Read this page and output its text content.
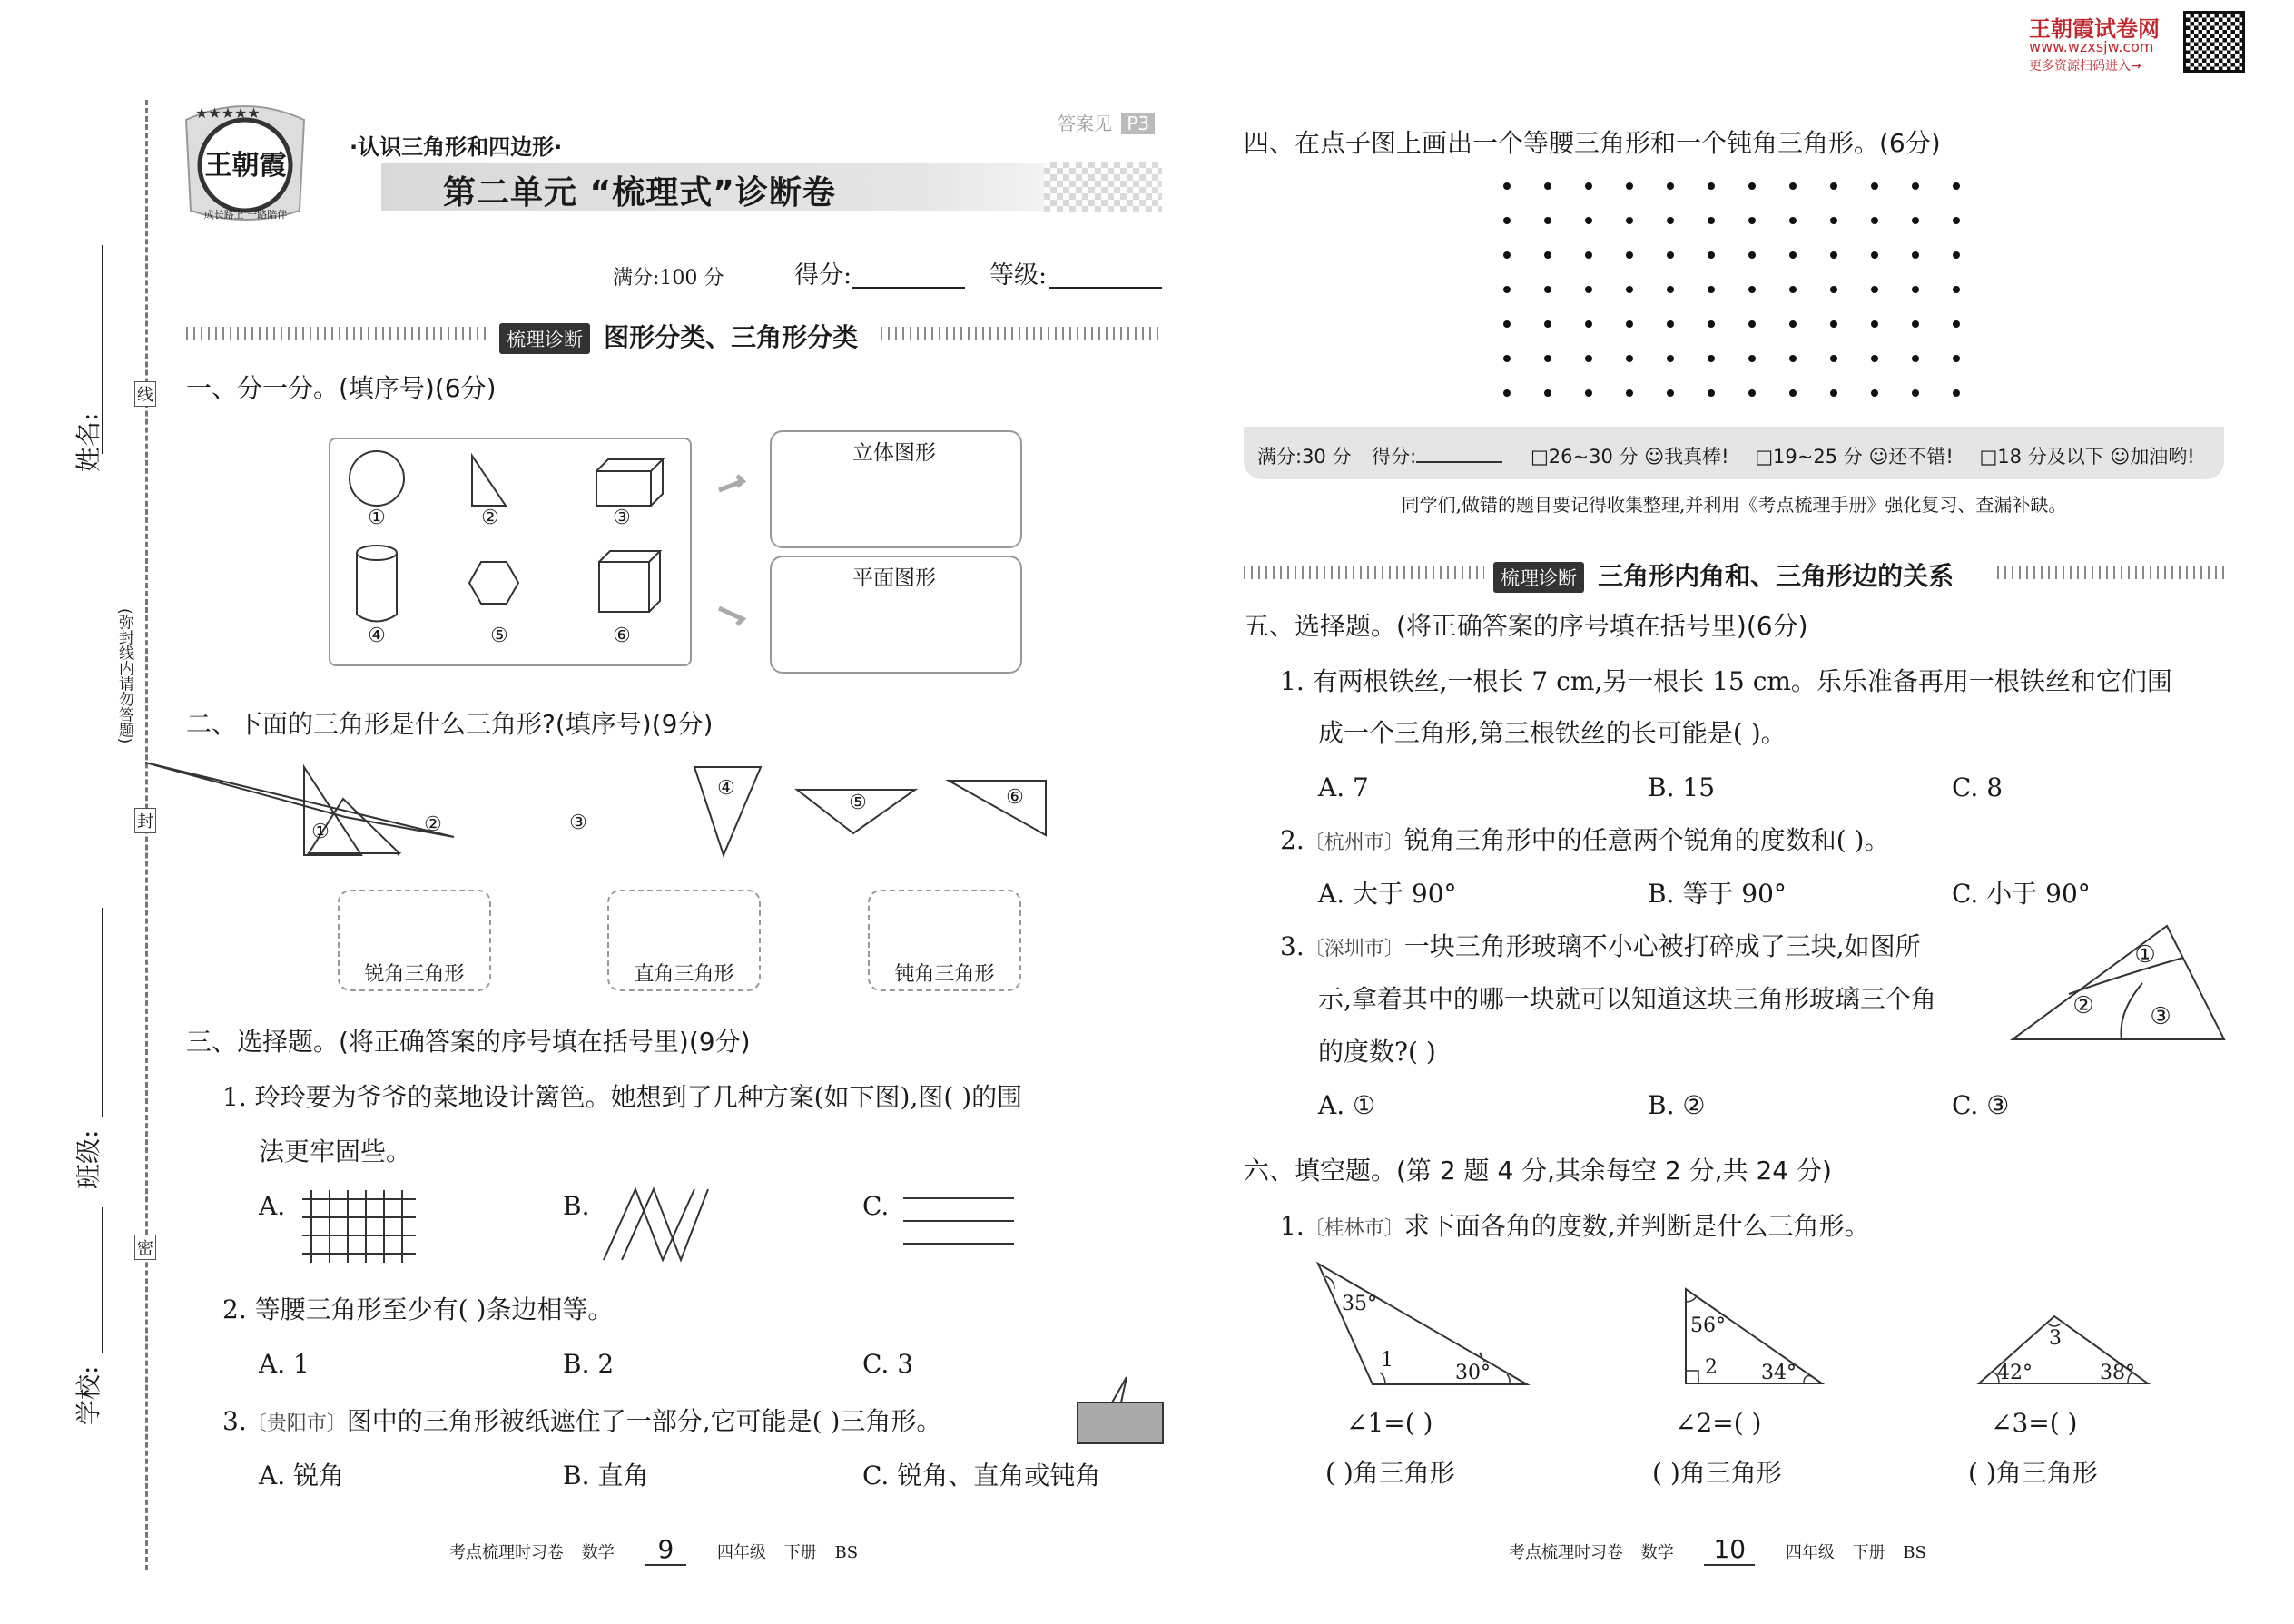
姓名:
线
(弥封线内请勿答题)
封
班级:
密
学校:
★★★★★
王朝霞
成长路上 一路陪伴
答案见 P3
·认识三角形和四边形·
第二单元 “梳理式”诊断卷
满分:100 分	得分:	等级:
梳理诊断 图形分类、三角形分类
一、分一分。(填序号)(6分)
①	②	③
④	⑤	⑥
立体图形
平面图形
二、下面的三角形是什么三角形?(填序号)(9分)
①	②	③
④
⑤	⑥
锐角三角形	直角三角形	钝角三角形
三、选择题。(将正确答案的序号填在括号里)(9分)
1. 玲玲要为爷爷的菜地设计篱笆。她想到了几种方案(如下图),图( )的围
法更牢固些。
A.	B.	C.
2. 等腰三角形至少有( )条边相等。
A. 1	B. 2	C. 3
3.〔贵阳市〕图中的三角形被纸遮住了一部分,它可能是( )三角形。
A. 锐角	B. 直角	C. 锐角、直角或钝角
考点梳理时习卷 数学 9	四年级 下册 BS
王朝霞试卷网
www.wzxsjw.com
更多资源扫码进入→
四、在点子图上画出一个等腰三角形和一个钝角三角形。(6分)
满分:30 分 得分:	□26~30 分 ☺我真棒! □19~25 分 ☺还不错! □18 分及以下 ☺加油哟!
同学们,做错的题目要记得收集整理,并利用《考点梳理手册》强化复习、查漏补缺。
梳理诊断 三角形内角和、三角形边的关系
五、选择题。(将正确答案的序号填在括号里)(6分)
1. 有两根铁丝,一根长 7 cm,另一根长 15 cm。乐乐准备再用一根铁丝和它们围
成一个三角形,第三根铁丝的长可能是( )。
A. 7	B. 15	C. 8
2.〔杭州市〕锐角三角形中的任意两个锐角的度数和( )。
A. 大于 90°	B. 等于 90°	C. 小于 90°
3.〔深圳市〕一块三角形玻璃不小心被打碎成了三块,如图所
示,拿着其中的哪一块就可以知道这块三角形玻璃三个角
的度数?( )
①
② ③
A. ①	B. ②	C. ③
六、填空题。(第 2 题 4 分,其余每空 2 分,共 24 分)
1.〔桂林市〕求下面各角的度数,并判断是什么三角形。
35°
1
30°
56°
2 34°	42°
3
38°
∠1=( )	∠2=( )	∠3=( )
( )角三角形	( )角三角形	( )角三角形
考点梳理时习卷 数学 10 四年级 下册 BS
